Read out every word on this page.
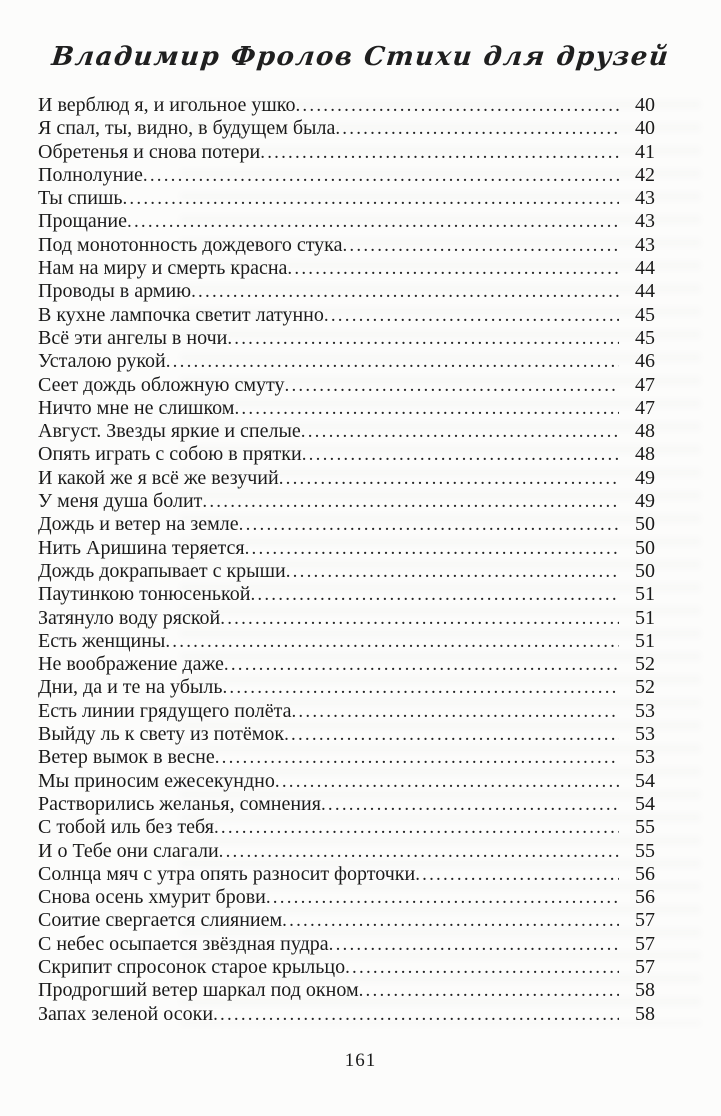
Владимир Фролов Стихи для друзей
И верблюд я, и игольное ушко .....	40
Я спал, ты, видно, в будущем была .....	40
Обретенья и снова потери .....	41
Полнолуние .....	42
Ты спишь .....	43
Прощание .....	43
Под монотонность дождевого стука .....	43
Нам на миру и смерть красна .....	44
Проводы в армию .....	44
В кухне лампочка светит латунно .....	45
Всё эти ангелы в ночи .....	45
Усталою рукой .....	46
Сеет дождь обложную смуту .....	47
Ничто мне не слишком .....	47
Август. Звезды яркие и спелые .....	48
Опять играть с собою в прятки .....	48
И какой же я всё же везучий .....	49
У меня душа болит .....	49
Дождь и ветер на земле .....	50
Нить Аришина теряется .....	50
Дождь докрапывает с крыши .....	50
Паутинкою тонюсенькой .....	51
Затянуло воду ряской .....	51
Есть женщины .....	51
Не воображение даже .....	52
Дни, да и те на убыль .....	52
Есть линии грядущего полёта .....	53
Выйду ль к свету из потёмок .....	53
Ветер вымок в весне .....	53
Мы приносим ежесекундно .....	54
Растворились желанья, сомнения .....	54
С тобой иль без тебя .....	55
И о Тебе они слагали .....	55
Солнца мяч с утра опять разносит форточки .....	56
Снова осень хмурит брови .....	56
Соитие свергается слиянием .....	57
С небес осыпается звёздная пудра .....	57
Скрипит спросонок старое крыльцо .....	57
Продрогший ветер шаркал под окном .....	58
Запах зеленой осоки .....	58
161
